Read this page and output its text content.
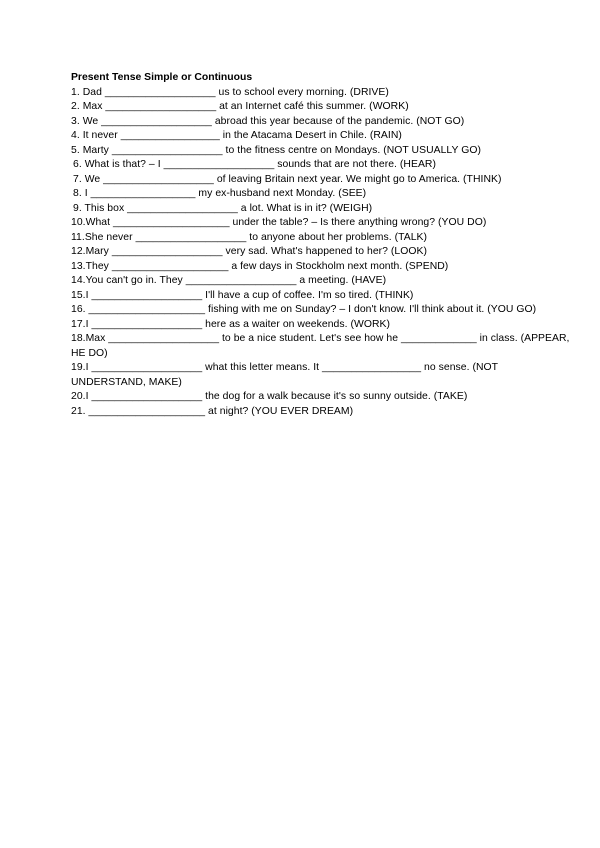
Present Tense Simple or Continuous
1. Dad ___________________ us to school every morning. (DRIVE)
2. Max ___________________ at an Internet café this summer. (WORK)
3. We ___________________ abroad this year because of the pandemic. (NOT GO)
4. It never _________________ in the Atacama Desert in Chile. (RAIN)
5. Marty ___________________ to the fitness centre on Mondays. (NOT USUALLY GO)
6. What is that? – I ___________________ sounds that are not there. (HEAR)
7. We ___________________ of leaving Britain next year. We might go to America. (THINK)
8. I __________________ my ex-husband next Monday. (SEE)
9. This box ___________________ a lot. What is in it? (WEIGH)
10.What ____________________ under the table? – Is there anything wrong? (YOU DO)
11.She never ___________________ to anyone about her problems. (TALK)
12.Mary ___________________ very sad. What's happened to her? (LOOK)
13.They ____________________ a few days in Stockholm next month. (SPEND)
14.You can't go in. They ___________________ a meeting. (HAVE)
15.I ___________________ I'll have a cup of coffee. I'm so tired. (THINK)
16. ____________________ fishing with me on Sunday? – I don't know. I'll think about it. (YOU GO)
17.I ___________________ here as a waiter on weekends. (WORK)
18.Max ___________________ to be a nice student. Let's see how he _____________ in class. (APPEAR, HE DO)
19.I ___________________ what this letter means. It _________________ no sense. (NOT UNDERSTAND, MAKE)
20.I ___________________ the dog for a walk because it's so sunny outside. (TAKE)
21. ____________________ at night? (YOU EVER DREAM)
